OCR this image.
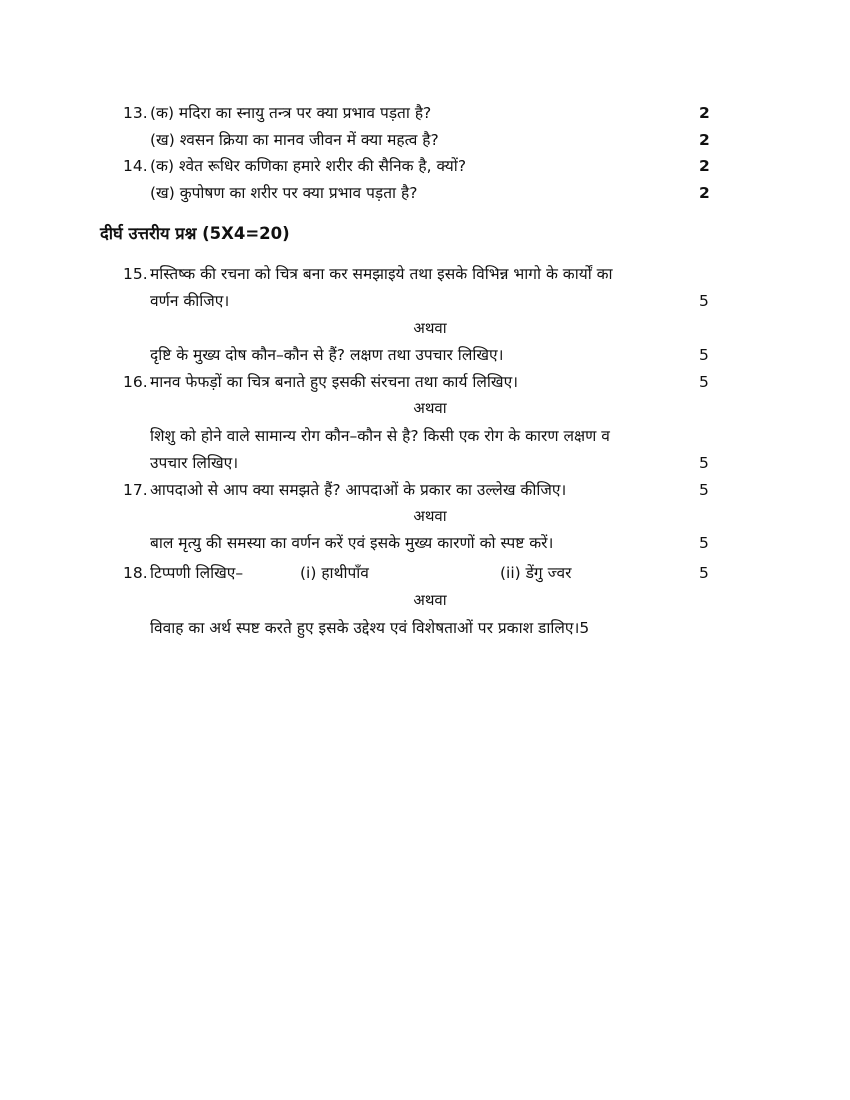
13. (क) मदिरा का स्नायु तन्त्र पर क्या प्रभाव पड़ता है?	2
(ख) श्वसन क्रिया का मानव जीवन में क्या महत्व है?	2
14. (क) श्वेत रूधिर कणिका हमारे शरीर की सैनिक है, क्यों?	2
(ख) कुपोषण का शरीर पर क्या प्रभाव पड़ता है?	2
दीर्घ उत्तरीय प्रश्न (5X4=20)
15. मस्तिष्क की रचना को चित्र बना कर समझाइये तथा इसके विभिन्न भागो के कार्यों का
वर्णन कीजिए।	5
अथवा
दृष्टि के मुख्य दोष कौन–कौन से हैं? लक्षण तथा उपचार लिखिए।	5
16. मानव फेफड़ों का चित्र बनाते हुए इसकी संरचना तथा कार्य लिखिए।	5
अथवा
शिशु को होने वाले सामान्य रोग कौन–कौन से है? किसी एक रोग के कारण लक्षण व
उपचार लिखिए।	5
17. आपदाओ से आप क्या समझते हैं? आपदाओं के प्रकार का उल्लेख कीजिए।	5
अथवा
बाल मृत्यु की समस्या का वर्णन करें एवं इसके मुख्य कारणों को स्पष्ट करें।	5
18. टिप्पणी लिखिए–	(i) हाथीपाँव	(ii) डेंगु ज्वर	5
अथवा
विवाह का अर्थ स्पष्ट करते हुए इसके उद्देश्य एवं विशेषताओं पर प्रकाश डालिए।5
